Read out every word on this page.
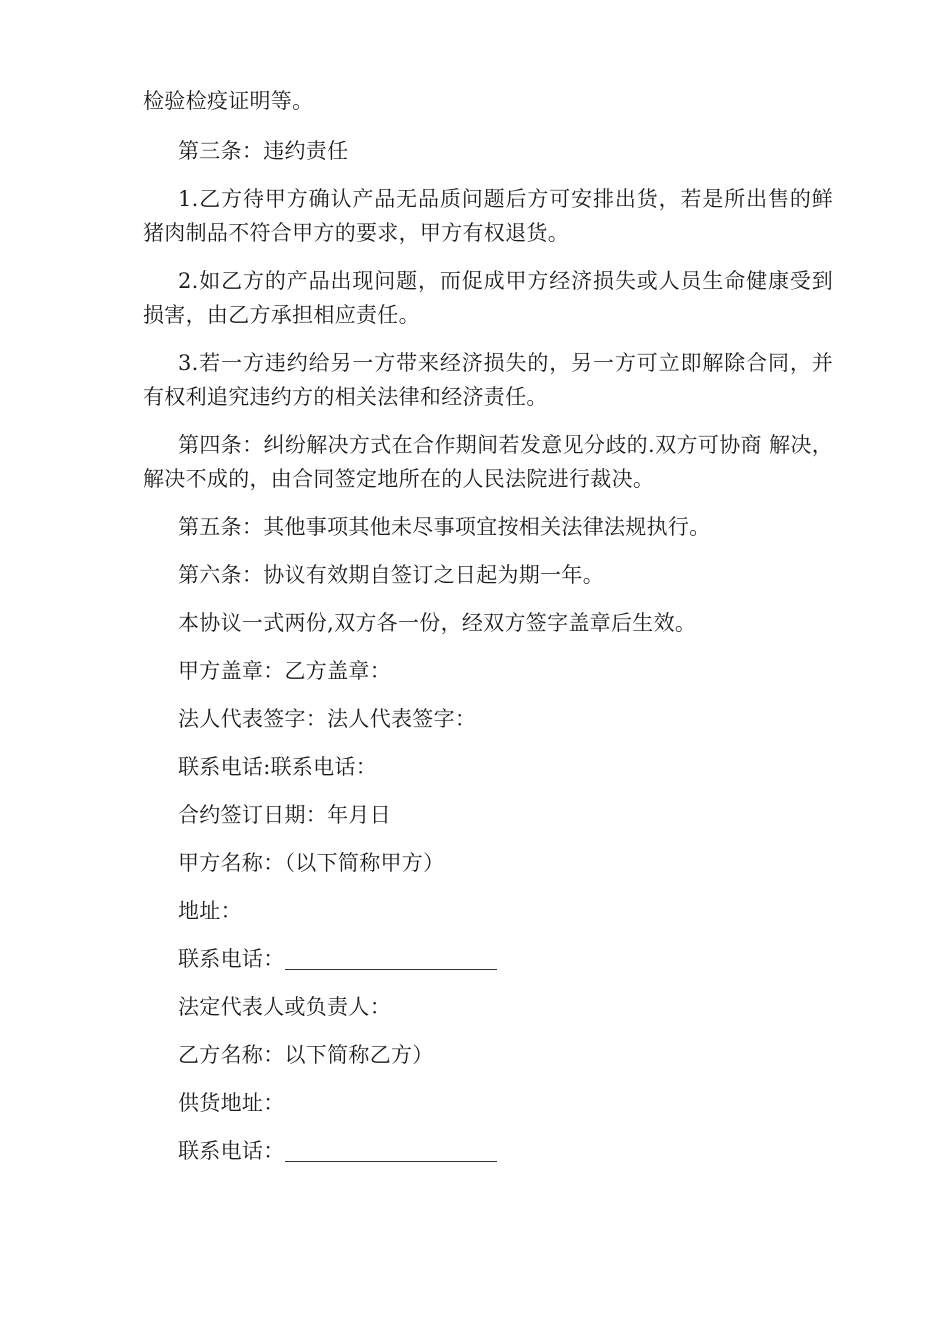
检验检疫证明等。

第三条：违约责任

1.乙方待甲方确认产品无品质问题后方可安排出货，若是所出售的鲜猪肉制品不符合甲方的要求，甲方有权退货。

2.如乙方的产品出现问题，而促成甲方经济损失或人员生命健康受到损害，由乙方承担相应责任。

3.若一方违约给另一方带来经济损失的，另一方可立即解除合同，并有权利追究违约方的相关法律和经济责任。

第四条：纠纷解决方式在合作期间若发意见分歧的.双方可协商 解决，解决不成的，由合同签定地所在的人民法院进行裁决。

第五条：其他事项其他未尽事项宜按相关法律法规执行。

第六条：协议有效期自签订之日起为期一年。

本协议一式两份,双方各一份，经双方签字盖章后生效。

甲方盖章：乙方盖章：

法人代表签字：法人代表签字：

联系电话:联系电话：

合约签订日期：年月日

甲方名称：（以下简称甲方）

地址：

联系电话：

法定代表人或负责人：

乙方名称：以下简称乙方）

供货地址：

联系电话：
